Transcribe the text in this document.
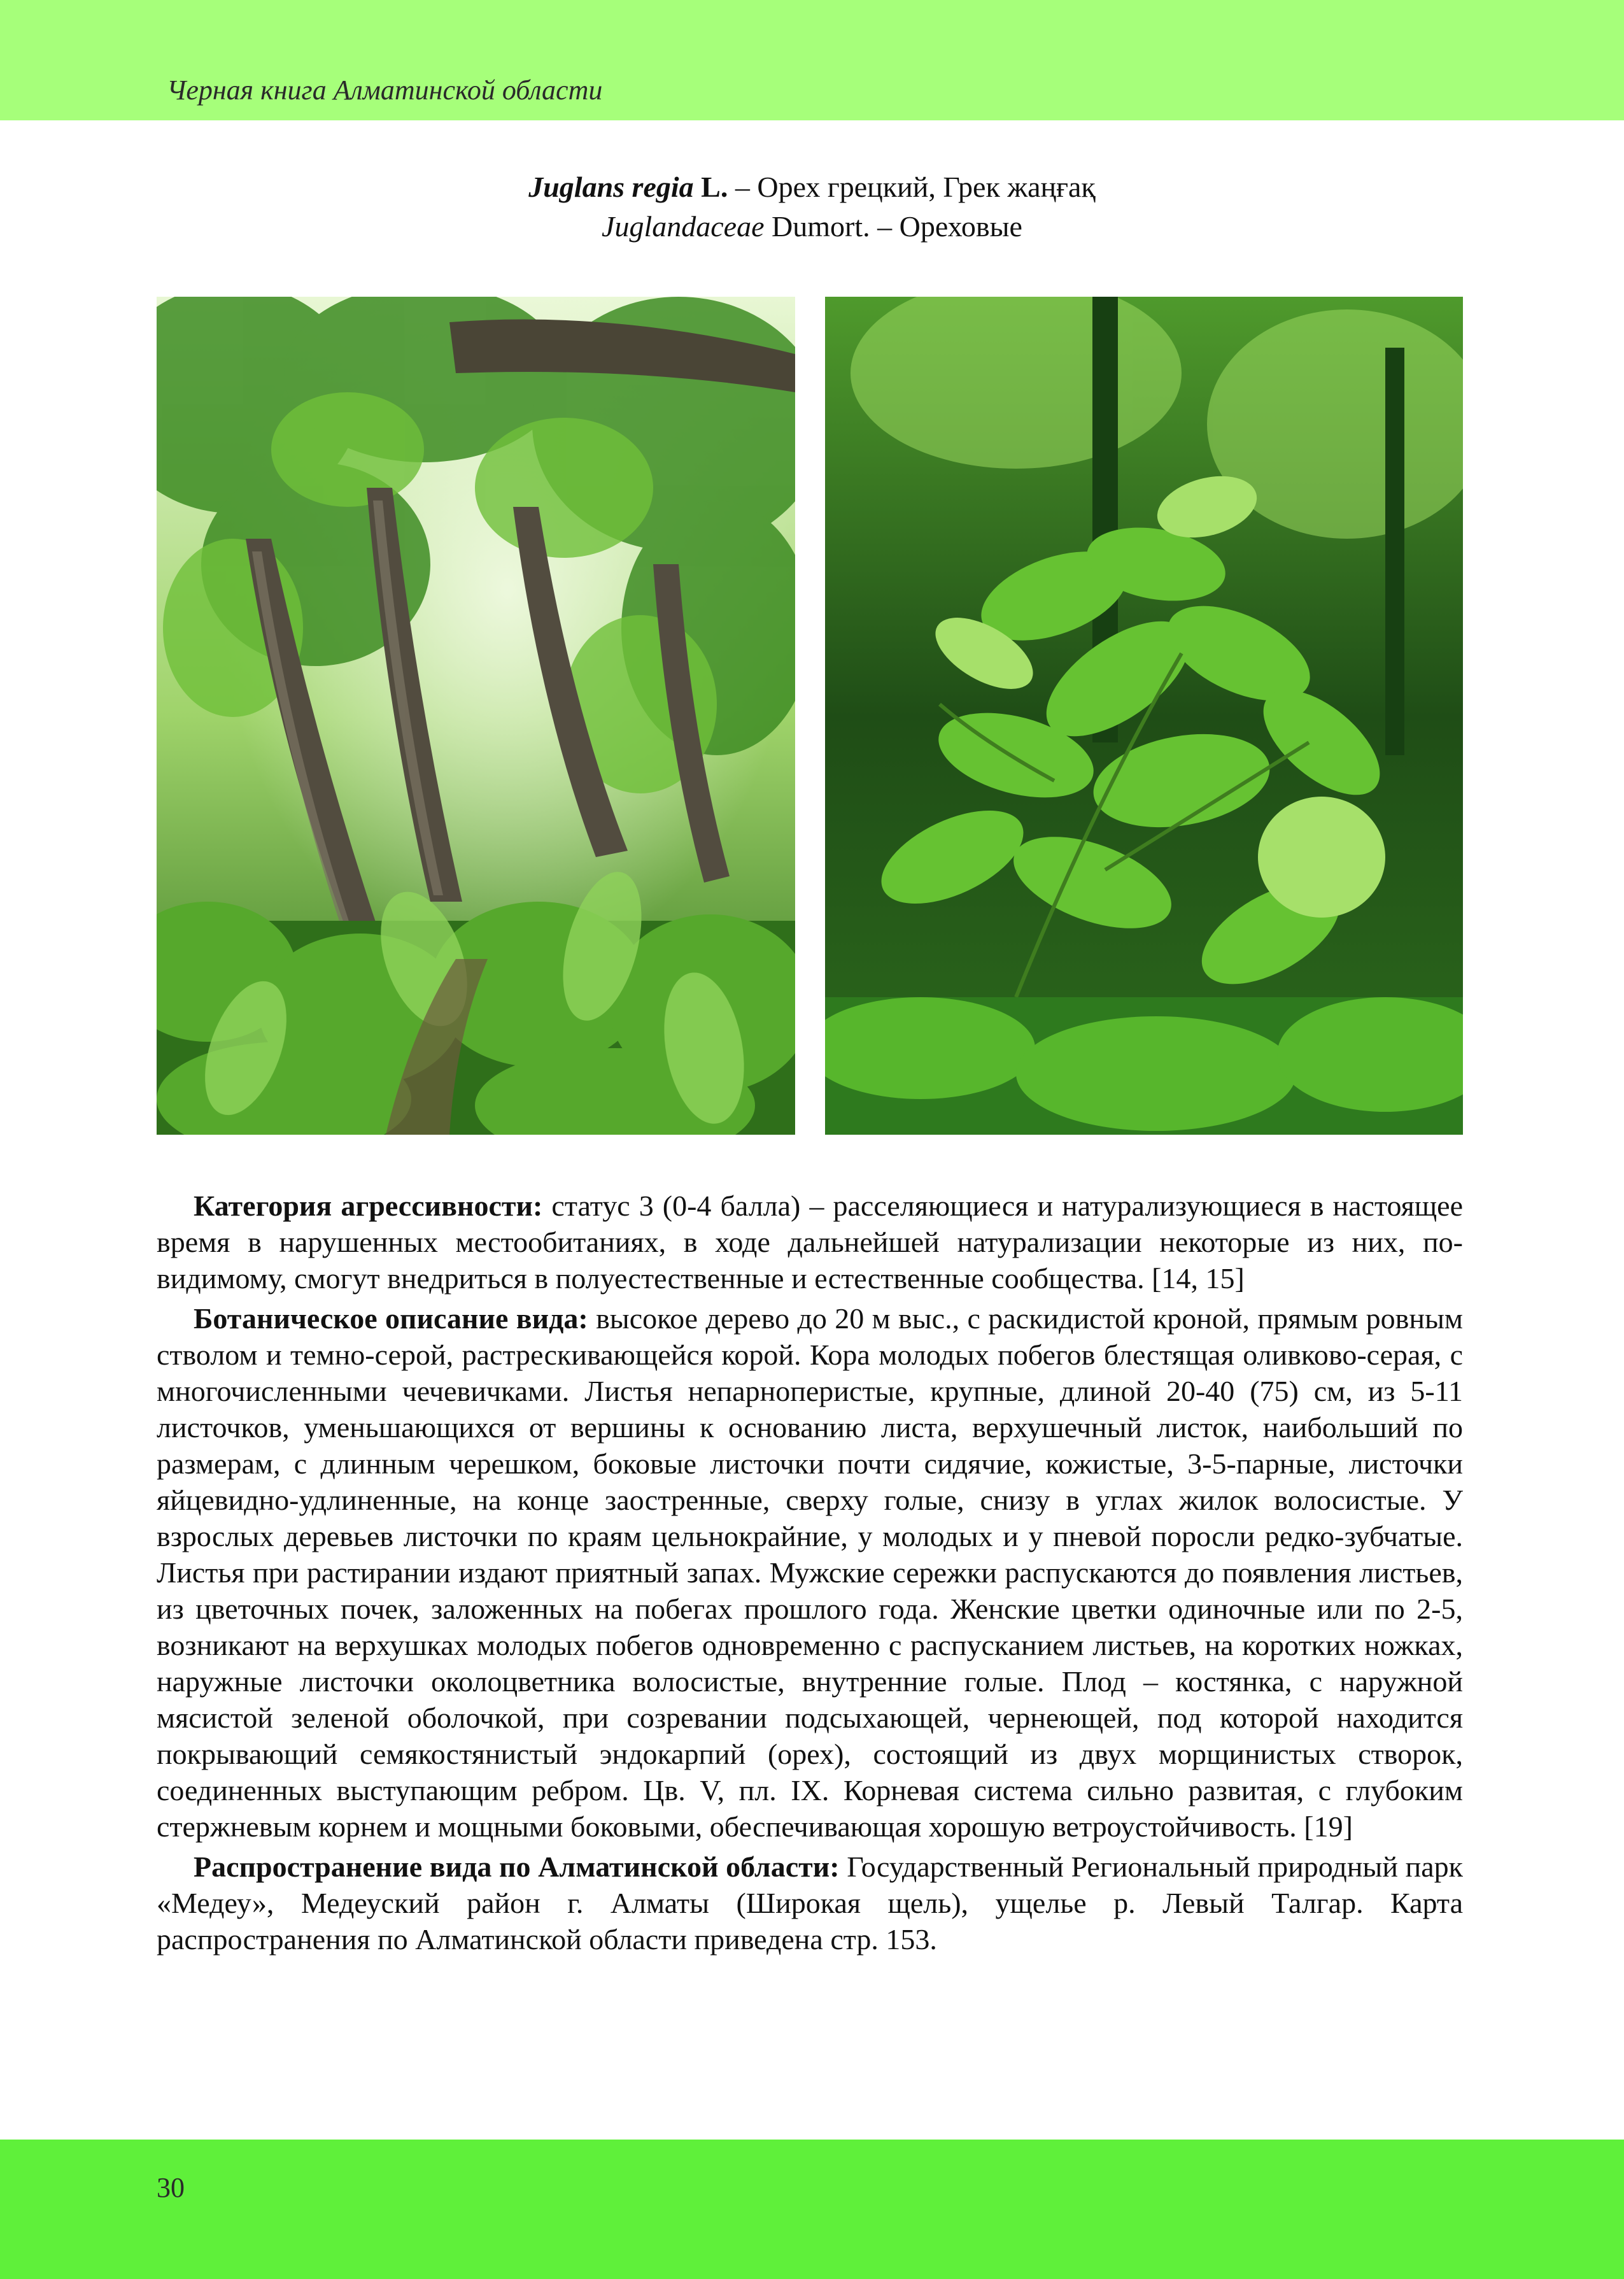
Черная книга Алматинской области
Juglans regia L. – Орех грецкий, Грек жаңғақ
Juglandaceae Dumort. – Ореховые

Категория агрессивности: статус 3 (0-4 балла) – расселяющиеся и натурализующиеся в настоящее время в нарушенных местообитаниях, в ходе дальнейшей натурализации некоторые из них, по-видимому, смогут внедриться в полуестественные и естественные сообщества. [14, 15]

Ботаническое описание вида: высокое дерево до 20 м выс., с раскидистой кроной, прямым ровным стволом и темно-серой, растрескивающейся корой. Кора молодых побегов блестящая оливково-серая, с многочисленными чечевичками. Листья непарноперистые, крупные, длиной 20-40 (75) см, из 5-11 листочков, уменьшающихся от вершины к основанию листа, верхушечный листок, наибольший по размерам, с длинным черешком, боковые листочки почти сидячие, кожистые, 3-5-парные, листочки яйцевидно-удлиненные, на конце заостренные, сверху голые, снизу в углах жилок волосистые. У взрослых деревьев листочки по краям цельнокрайние, у молодых и у пневой поросли редко-зубчатые. Листья при растирании издают приятный запах. Мужские сережки распускаются до появления листьев, из цветочных почек, заложенных на побегах прошлого года. Женские цветки одиночные или по 2-5, возникают на верхушках молодых побегов одновременно с распусканием листьев, на коротких ножках, наружные листочки околоцветника волосистые, внутренние голые. Плод – костянка, с наружной мясистой зеленой оболочкой, при созревании подсыхающей, чернеющей, под которой находится покрывающий семякостянистый эндокарпий (орех), состоящий из двух морщинистых створок, соединенных выступающим ребром. Цв. V, пл. IX. Корневая система сильно развитая, с глубоким стержневым корнем и мощными боковыми, обеспечивающая хорошую ветроустойчивость. [19]

Распространение вида по Алматинской области: Государственный Региональный природный парк «Медеу», Медеуский район г. Алматы (Широкая щель), ущелье р. Левый Талгар. Карта распространения по Алматинской области приведена стр. 153.

30
